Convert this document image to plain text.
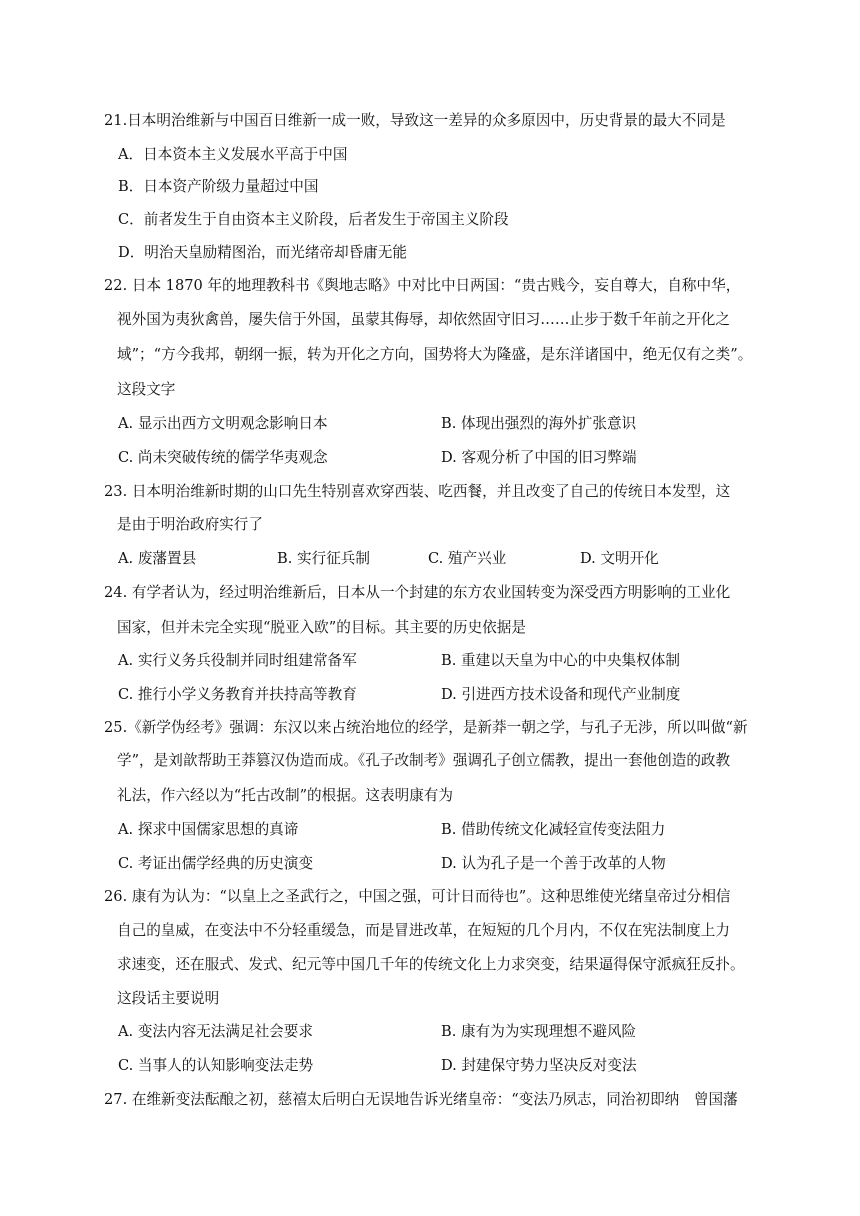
21.日本明治维新与中国百日维新一成一败，导致这一差异的众多原因中，历史背景的最大不同是
A．日本资本主义发展水平高于中国
B．日本资产阶级力量超过中国
C．前者发生于自由资本主义阶段，后者发生于帝国主义阶段
D．明治天皇励精图治，而光绪帝却昏庸无能
22. 日本 1870 年的地理教科书《舆地志略》中对比中日两国：“贵古贱今，妄自尊大，自称中华，
视外国为夷狄禽兽，屡失信于外国，虽蒙其侮辱，却依然固守旧习……止步于数千年前之开化之
域”；“方今我邦，朝纲一振，转为开化之方向，国势将大为隆盛，是东洋诸国中，绝无仅有之类”。
这段文字
A. 显示出西方文明观念影响日本	B. 体现出强烈的海外扩张意识
C. 尚未突破传统的儒学华夷观念	D. 客观分析了中国的旧习弊端
23. 日本明治维新时期的山口先生特别喜欢穿西装、吃西餐，并且改变了自己的传统日本发型，这
是由于明治政府实行了
A. 废藩置县	B. 实行征兵制	C. 殖产兴业	D. 文明开化
24. 有学者认为，经过明治维新后，日本从一个封建的东方农业国转变为深受西方明影响的工业化
国家，但并未完全实现“脱亚入欧”的目标。其主要的历史依据是
A. 实行义务兵役制并同时组建常备军	B. 重建以天皇为中心的中央集权体制
C. 推行小学义务教育并扶持高等教育	D. 引进西方技术设备和现代产业制度
25.《新学伪经考》强调：东汉以来占统治地位的经学，是新莽一朝之学，与孔子无涉，所以叫做“新
学”，是刘歆帮助王莽篡汉伪造而成。《孔子改制考》强调孔子创立儒教，提出一套他创造的政教
礼法，作六经以为“托古改制”的根据。这表明康有为
A. 探求中国儒家思想的真谛	B. 借助传统文化减轻宣传变法阻力
C. 考证出儒学经典的历史演变	D. 认为孔子是一个善于改革的人物
26. 康有为认为：“以皇上之圣武行之，中国之强，可计日而待也”。这种思维使光绪皇帝过分相信
自己的皇威，在变法中不分轻重缓急，而是冒进改革，在短短的几个月内，不仅在宪法制度上力
求速变，还在服式、发式、纪元等中国几千年的传统文化上力求突变，结果逼得保守派疯狂反扑。
这段话主要说明
A. 变法内容无法满足社会要求	B. 康有为为实现理想不避风险
C. 当事人的认知影响变法走势	D. 封建保守势力坚决反对变法
27. 在维新变法酝酿之初，慈禧太后明白无误地告诉光绪皇帝：“变法乃夙志，同治初即纳　曾国藩
